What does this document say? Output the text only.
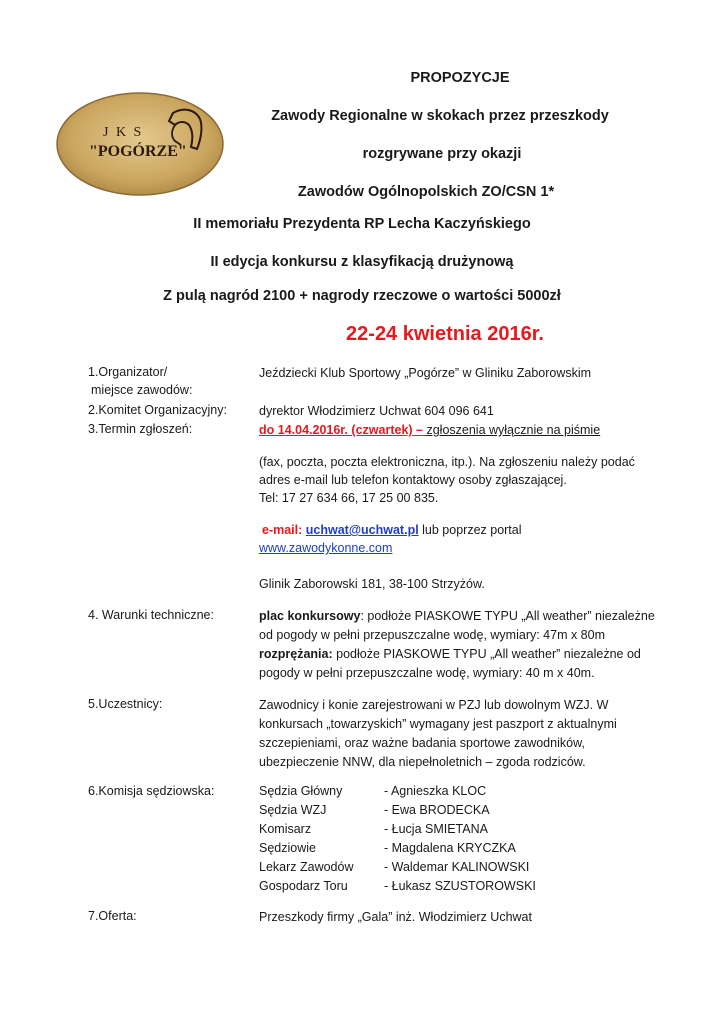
J K S
"POGÓRZE"
PROPOZYCJE
Zawody Regionalne w skokach przez przeszkody
rozgrywane przy okazji
Zawodów Ogólnopolskich ZO/CSN 1*
II memoriału Prezydenta RP Lecha Kaczyńskiego
II edycja konkursu z klasyfikacją drużynową
Z pulą nagród 2100 + nagrody rzeczowe o wartości 5000zł
22-24 kwietnia 2016r.
1.Organizator/
miejsce zawodów:
Jeździecki Klub Sportowy „Pogórze” w Gliniku Zaborowskim
2.Komitet Organizacyjny:	dyrektor Włodzimierz Uchwat 604 096 641
3.Termin zgłoszeń:	do 14.04.2016r. (czwartek) – zgłoszenia wyłącznie na piśmie
(fax, poczta, poczta elektroniczna, itp.). Na zgłoszeniu należy podać
adres e-mail lub telefon kontaktowy osoby zgłaszającej.
Tel: 17 27 634 66, 17 25 00 835.
e-mail: uchwat@uchwat.pl lub poprzez portal
www.zawodykonne.com
Glinik Zaborowski 181, 38-100 Strzyżów.
4. Warunki techniczne:	plac konkursowy: podłoże PIASKOWE TYPU „All weather” niezależne
od pogody w pełni przepuszczalne wodę, wymiary: 47m x 80m
rozprężania: podłoże PIASKOWE TYPU „All weather” niezależne od
pogody w pełni przepuszczalne wodę, wymiary: 40 m x 40m.
5.Uczestnicy:	Zawodnicy i konie zarejestrowani w PZJ lub dowolnym WZJ. W
konkursach „towarzyskich” wymagany jest paszport z aktualnymi
szczepieniami, oraz ważne badania sportowe zawodników,
ubezpieczenie NNW, dla niepełnoletnich – zgoda rodziców.
6.Komisja sędziowska:	Sędzia Główny	- Agnieszka KLOC
Sędzia WZJ	- Ewa BRODECKA
Komisarz	- Łucja SMIETANA
Sędziowie	- Magdalena KRYCZKA
Lekarz Zawodów - Waldemar KALINOWSKI
Gospodarz Toru	- Łukasz SZUSTOROWSKI
7.Oferta:	Przeszkody firmy „Gala” inż. Włodzimierz Uchwat
